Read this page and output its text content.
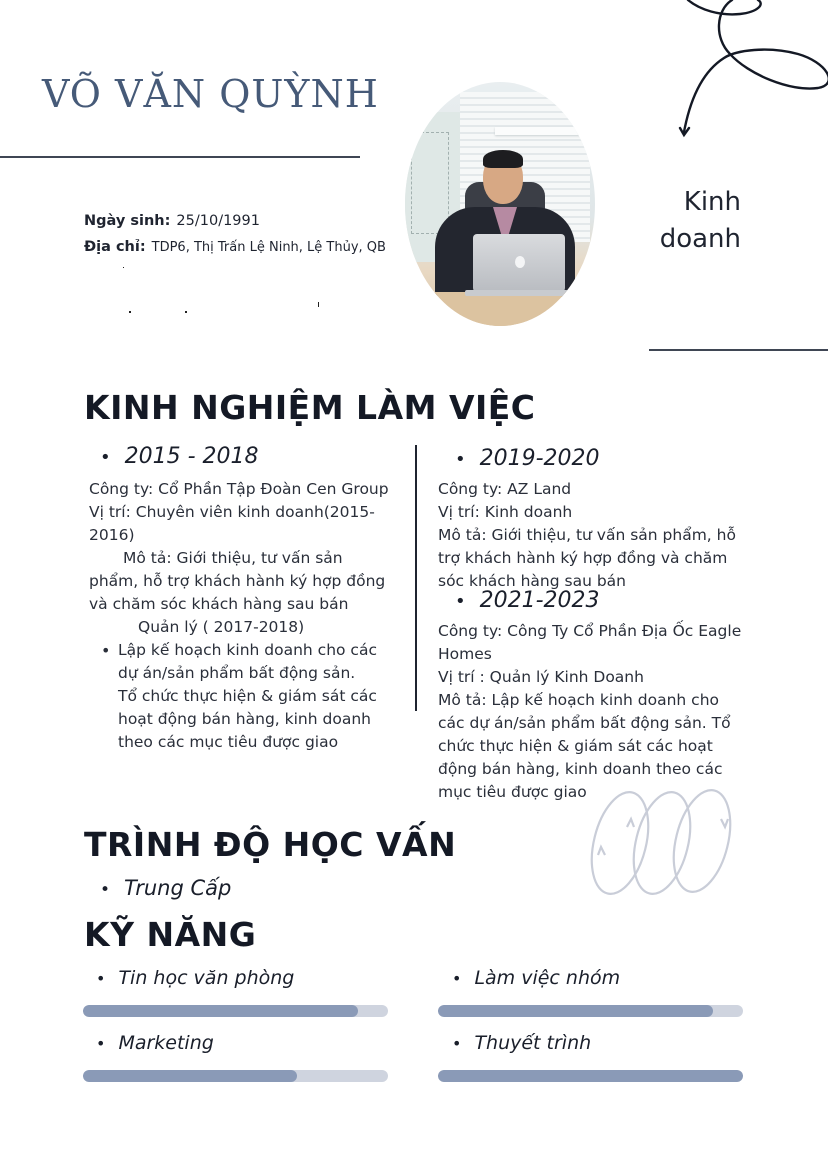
VÕ VĂN QUỲNH
Ngày sinh: 25/10/1991
Địa chỉ: TDP6, Thị Trấn Lệ Ninh, Lệ Thủy, QB
Kinh
doanh
KINH NGHIỆM LÀM VIỆC
• 2015 - 2018
Công ty: Cổ Phần Tập Đoàn Cen Group
Vị trí: Chuyên viên kinh doanh(2015-2016)
Mô tả: Giới thiệu, tư vấn sản phẩm, hỗ trợ khách hành ký hợp đồng và chăm sóc khách hàng sau bán
Quản lý ( 2017-2018)
• Lập kế hoạch kinh doanh cho các dự án/sản phẩm bất động sản. Tổ chức thực hiện & giám sát các hoạt động bán hàng, kinh doanh theo các mục tiêu được giao
• 2019-2020
Công ty: AZ Land
Vị trí: Kinh doanh
Mô tả: Giới thiệu, tư vấn sản phẩm, hỗ trợ khách hành ký hợp đồng và chăm sóc khách hàng sau bán
• 2021-2023
Công ty: Công Ty Cổ Phần Địa Ốc Eagle Homes
Vị trí : Quản lý Kinh Doanh
Mô tả: Lập kế hoạch kinh doanh cho các dự án/sản phẩm bất động sản. Tổ chức thực hiện & giám sát các hoạt động bán hàng, kinh doanh theo các mục tiêu được giao
TRÌNH ĐỘ HỌC VẤN
• Trung Cấp
KỸ NĂNG
• Tin học văn phòng	• Làm việc nhóm
• Marketing	• Thuyết trình
